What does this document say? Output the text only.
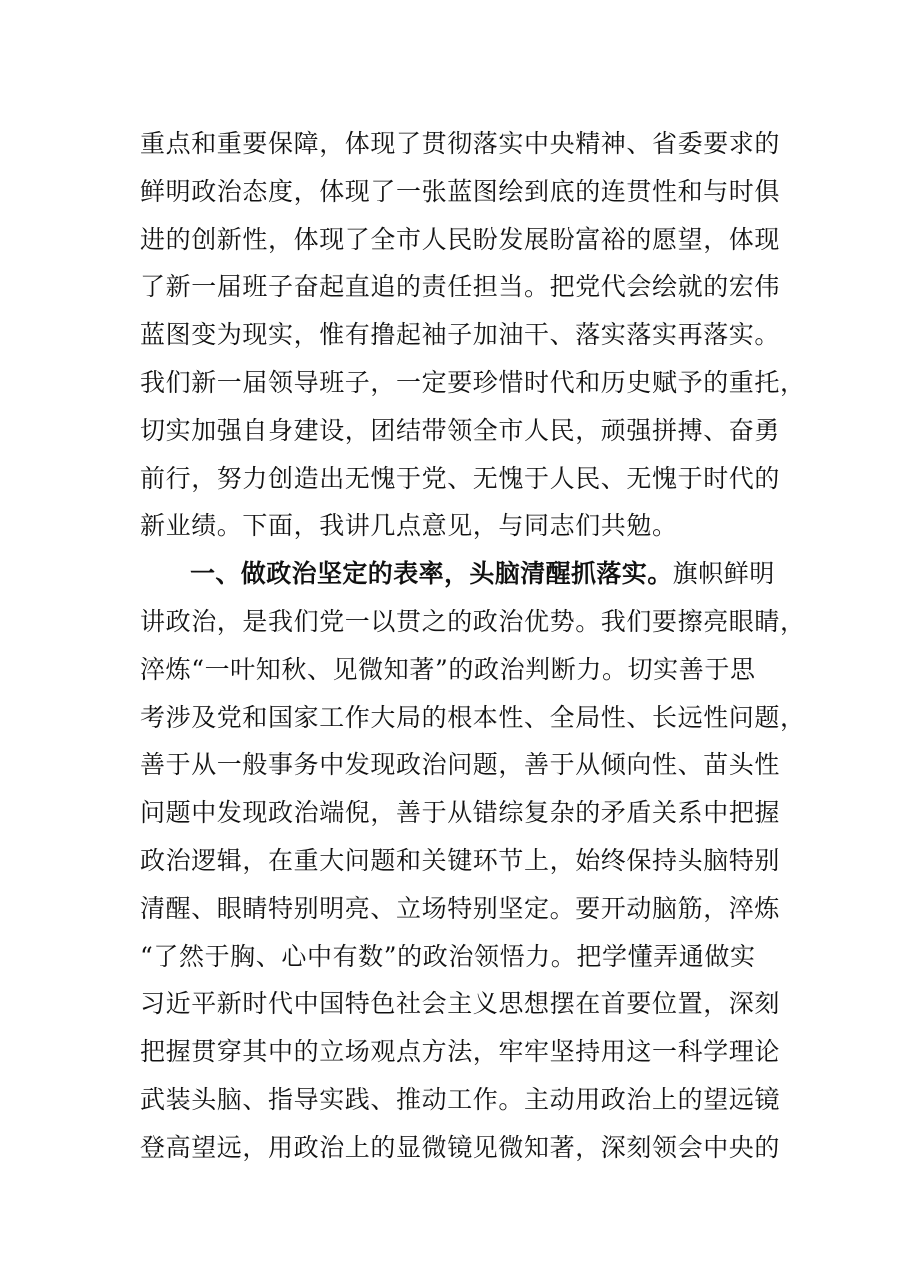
重点和重要保障，体现了贯彻落实中央精神、省委要求的
鲜明政治态度，体现了一张蓝图绘到底的连贯性和与时俱
进的创新性，体现了全市人民盼发展盼富裕的愿望，体现
了新一届班子奋起直追的责任担当。把党代会绘就的宏伟
蓝图变为现实，惟有撸起袖子加油干、落实落实再落实。
我们新一届领导班子，一定要珍惜时代和历史赋予的重托，
切实加强自身建设，团结带领全市人民，顽强拼搏、奋勇
前行，努力创造出无愧于党、无愧于人民、无愧于时代的
新业绩。下面，我讲几点意见，与同志们共勉。
一、做政治坚定的表率，头脑清醒抓落实。旗帜鲜明
讲政治，是我们党一以贯之的政治优势。我们要擦亮眼睛，
淬炼“一叶知秋、见微知著”的政治判断力。切实善于思
考涉及党和国家工作大局的根本性、全局性、长远性问题，
善于从一般事务中发现政治问题，善于从倾向性、苗头性
问题中发现政治端倪，善于从错综复杂的矛盾关系中把握
政治逻辑，在重大问题和关键环节上，始终保持头脑特别
清醒、眼睛特别明亮、立场特别坚定。要开动脑筋，淬炼
“了然于胸、心中有数”的政治领悟力。把学懂弄通做实
习近平新时代中国特色社会主义思想摆在首要位置，深刻
把握贯穿其中的立场观点方法，牢牢坚持用这一科学理论
武装头脑、指导实践、推动工作。主动用政治上的望远镜
登高望远，用政治上的显微镜见微知著，深刻领会中央的
